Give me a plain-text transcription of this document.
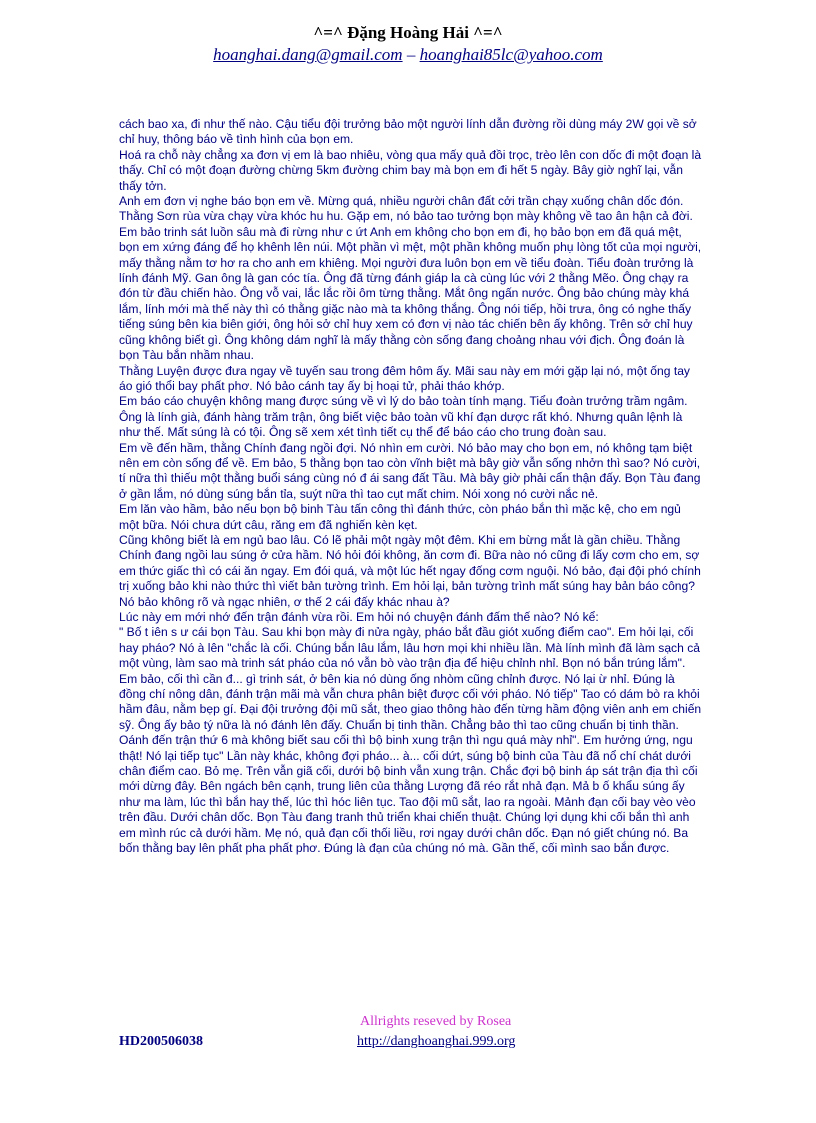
^=^ Đặng Hoàng Hải ^=^
hoanghai.dang@gmail.com – hoanghai85lc@yahoo.com

cách bao xa, đi như thế nào. Cậu tiểu đội trưởng bảo một người lính dẫn đường rồi dùng máy 2W gọi về sở chỉ huy, thông báo về tình hình của bọn em.

Hoá ra chỗ này chẳng xa đơn vị em là bao nhiêu, vòng qua mấy quả đồi trọc, trèo lên con dốc đi một đoạn là thấy. Chỉ có một đoạn đường chừng 5km đường chim bay mà bọn em đi hết 5 ngày. Bây giờ nghĩ lại, vẫn thấy tởn.

Anh em đơn vị nghe báo bọn em về. Mừng quá, nhiều người chân đất cởi trần chạy xuống chân dốc đón. Thằng Sơn rùa vừa chạy vừa khóc hu hu. Gặp em, nó bảo tao tưởng bọn mày không về tao ân hận cả đời. Em bảo trinh sát luồn sâu mà đi rừng như c ứt Anh em không cho bọn em đi, họ bảo bọn em đã quá mệt, bọn em xứng đáng để họ khênh lên núi. Một phần vì mệt, một phần không muốn phụ lòng tốt của mọi người, mấy thằng nằm tơ hơ ra cho anh em khiêng. Mọi người đưa luôn bọn em về tiểu đoàn. Tiểu đoàn trưởng là lính đánh Mỹ. Gan ông là gan cóc tía. Ông đã từng đánh giáp la cà cùng lúc với 2 thằng Mẽo. Ông chạy ra đón từ đầu chiến hào. Ông vỗ vai, lắc lắc rồi ôm từng thằng. Mắt ông ngấn nước. Ông bảo chúng mày khá lắm, lính mới mà thế này thì có thằng giặc nào mà ta không thắng. Ông nói tiếp, hồi trưa, ông có nghe thấy tiếng súng bên kia biên giới, ông hỏi sở chỉ huy xem có đơn vị nào tác chiến bên ấy không. Trên sở chỉ huy cũng không biết gì. Ông không dám nghĩ là mấy thằng còn sống đang choảng nhau với địch. Ông đoán là bọn Tàu bắn nhầm nhau.

Thằng Luyện được đưa ngay về tuyến sau trong đêm hôm ấy. Mãi sau này em mới gặp lại nó, một ống tay áo gió thổi bay phất phơ. Nó bảo cánh tay ấy bị hoại tử, phải tháo khớp.

Em báo cáo chuyện không mang được súng về vì lý do bảo toàn tính mạng. Tiểu đoàn trưởng trầm ngâm. Ông là lính già, đánh hàng trăm trận, ông biết việc bảo toàn vũ khí đạn dược rất khó. Nhưng quân lệnh là như thế. Mất súng là có tội. Ông sẽ xem xét tình tiết cụ thể để báo cáo cho trung đoàn sau.

Em về đến hầm, thằng Chính đang ngồi đợi. Nó nhìn em cười. Nó bảo may cho bọn em, nó không tạm biệt nên em còn sống để về. Em bảo, 5 thằng bọn tao còn vĩnh biệt mà bây giờ vẫn sống nhởn thì sao? Nó cười, tí nữa thì thiếu một thằng buổi sáng cùng nó đ ái sang đất Tầu. Mà bây giờ phải cẩn thận đấy. Bọn Tàu đang ở gần lắm, nó dùng súng bắn tỉa, suýt nữa thì tao cụt mất chim. Nói xong nó cười nắc nẻ.

Em lăn vào hầm, bảo nếu bọn bộ binh Tàu tấn công thì đánh thức, còn pháo bắn thì mặc kệ, cho em ngủ một bữa. Nói chưa dứt câu, răng em đã nghiến kèn kẹt.

Cũng không biết là em ngủ bao lâu. Có lẽ phải một ngày một đêm. Khi em bừng mắt là gần chiều. Thằng Chính đang ngồi lau súng ở cửa hầm. Nó hỏi đói không, ăn cơm đi. Bữa nào nó cũng đi lấy cơm cho em, sợ em thức giấc thì có cái ăn ngay. Em đói quá, và một lúc hết ngay đống cơm nguội. Nó bảo, đại đội phó chính trị xuống bảo khi nào thức thì viết bản tường trình. Em hỏi lại, bản tường trình mất súng hay bản báo công? Nó bảo không rõ và ngạc nhiên, ơ thế 2 cái đấy khác nhau à?

Lúc này em mới nhớ đến trận đánh vừa rồi. Em hỏi nó chuyện đánh đấm thế nào? Nó kể:

" Bố t iên s ư cái bọn Tàu. Sau khi bọn mày đi nửa ngày, pháo bắt đầu giót xuống điểm cao". Em hỏi lại, cối hay pháo? Nó à lên "chắc là cối. Chúng bắn lâu lắm, lâu hơn mọi khi nhiều lần. Mà lính mình đã làm sạch cả một vùng, làm sao mà trinh sát pháo của nó vẫn bò vào trận địa để hiệu chỉnh nhỉ. Bọn nó bắn trúng lắm". Em bảo, cối thì cần đ... gì trinh sát, ở bên kia nó dùng ống nhòm cũng chỉnh được. Nó lại ừ nhỉ. Đúng là đồng chí nông dân, đánh trận mãi mà vẫn chưa phân biệt được cối với pháo. Nó tiếp" Tao có dám bò ra khỏi hầm đâu, nằm bẹp gí. Đại đội trưởng đội mũ sắt, theo giao thông hào đến từng hầm động viên anh em chiến sỹ. Ông ấy bảo tý nữa là nó đánh lên đấy. Chuẩn bị tinh thần. Chẳng bảo thì tao cũng chuẩn bị tinh thần. Oánh đến trận thứ 6 mà không biết sau cối thì bộ binh xung trận thì ngu quá mày nhỉ". Em hưởng ứng, ngu thật! Nó lại tiếp tục" Lần này khác, không đợi pháo... à... cối dứt, súng bộ binh của Tàu đã nổ chí chát dưới chân điểm cao. Bỏ mẹ. Trên vẫn giã cối, dưới bộ binh vẫn xung trận. Chắc đợi bộ binh áp sát trận địa thì cối mới dừng đây. Bên ngách bên cạnh, trung liên của thằng Lượng đã réo rắt nhả đạn. Mả b ố khẩu súng ấy như ma làm, lúc thì bắn hay thế, lúc thì hóc liên tục. Tao đội mũ sắt, lao ra ngoài. Mảnh đạn cối bay vèo vèo trên đầu. Dưới chân dốc. Bọn Tàu đang tranh thủ triển khai chiến thuật. Chúng lợi dụng khi cối bắn thì anh em mình rúc cả dưới hầm. Mẹ nó, quả đạn cối thối liều, rơi ngay dưới chân dốc. Đạn nó giết chúng nó. Ba bốn thằng bay lên phất pha phất phơ. Đúng là đạn của chúng nó mà. Gần thế, cối mình sao bắn được.

Allrights reseved by Rosea
HD200506038	http://danghoanghai.999.org
